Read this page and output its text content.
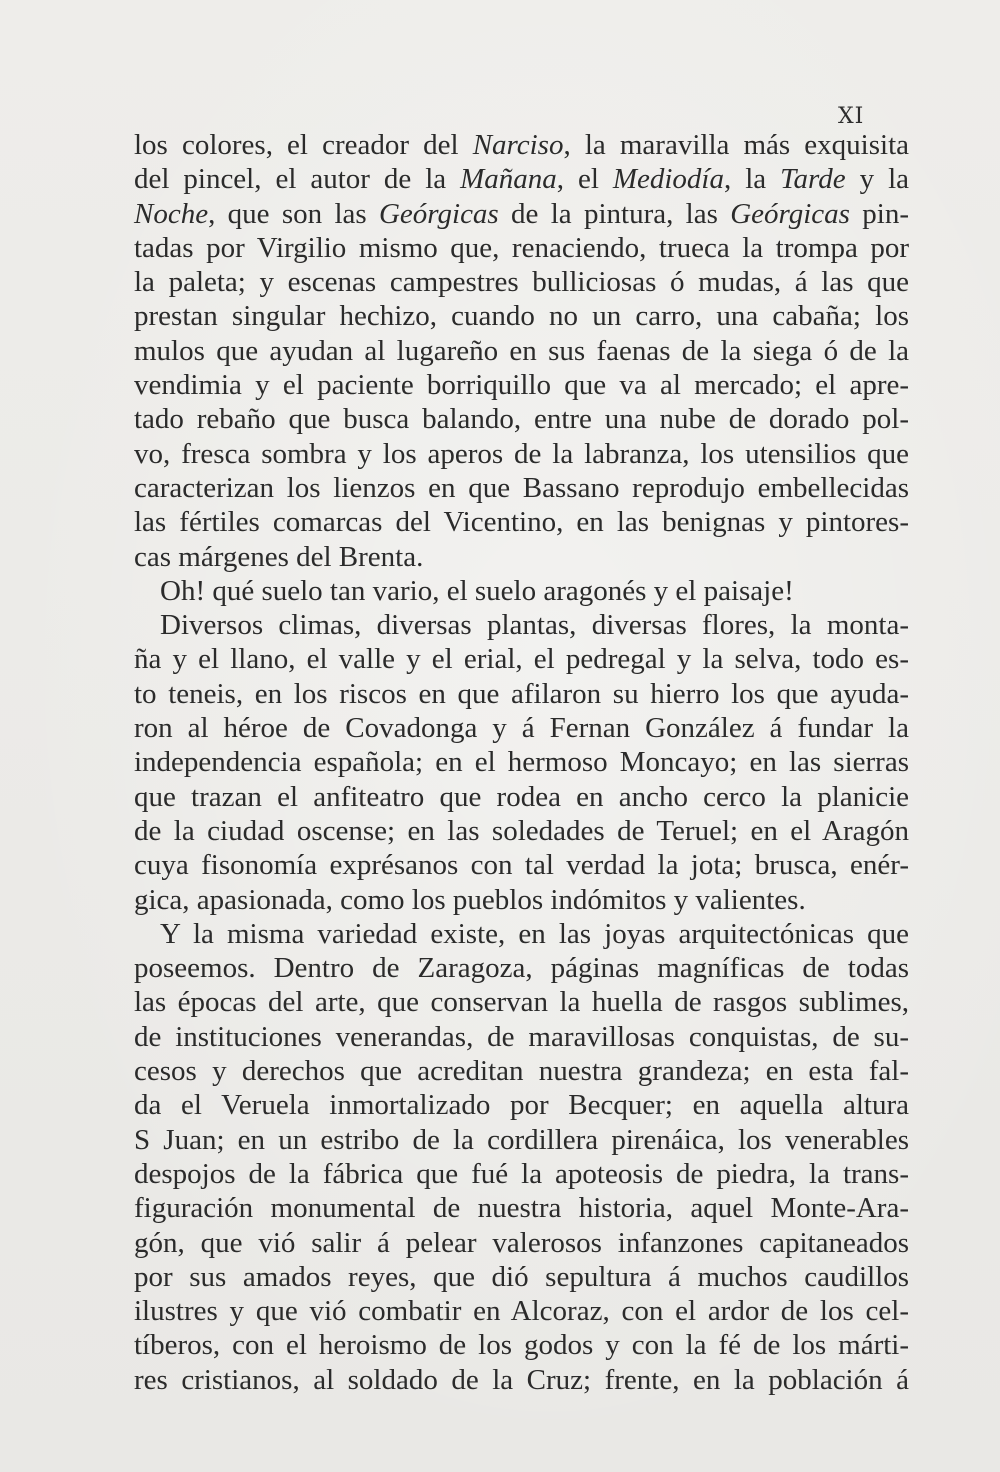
XI
los colores, el creador del Narciso, la maravilla más exquisita
del pincel, el autor de la Mañana, el Mediodía, la Tarde y la
Noche, que son las Geórgicas de la pintura, las Geórgicas pin-
tadas por Virgilio mismo que, renaciendo, trueca la trompa por
la paleta; y escenas campestres bulliciosas ó mudas, á las que
prestan singular hechizo, cuando no un carro, una cabaña; los
mulos que ayudan al lugareño en sus faenas de la siega ó de la
vendimia y el paciente borriquillo que va al mercado; el apre-
tado rebaño que busca balando, entre una nube de dorado pol-
vo, fresca sombra y los aperos de la labranza, los utensilios que
caracterizan los lienzos en que Bassano reprodujo embellecidas
las fértiles comarcas del Vicentino, en las benignas y pintores-
cas márgenes del Brenta.
Oh! qué suelo tan vario, el suelo aragonés y el paisaje!
Diversos climas, diversas plantas, diversas flores, la monta-
ña y el llano, el valle y el erial, el pedregal y la selva, todo es-
to teneis, en los riscos en que afilaron su hierro los que ayuda-
ron al héroe de Covadonga y á Fernan González á fundar la
independencia española; en el hermoso Moncayo; en las sierras
que trazan el anfiteatro que rodea en ancho cerco la planicie
de la ciudad oscense; en las soledades de Teruel; en el Aragón
cuya fisonomía exprésanos con tal verdad la jota; brusca, enér-
gica, apasionada, como los pueblos indómitos y valientes.
Y la misma variedad existe, en las joyas arquitectónicas que
poseemos. Dentro de Zaragoza, páginas magníficas de todas
las épocas del arte, que conservan la huella de rasgos sublimes,
de instituciones venerandas, de maravillosas conquistas, de su-
cesos y derechos que acreditan nuestra grandeza; en esta fal-
da el Veruela inmortalizado por Becquer; en aquella altura
S Juan; en un estribo de la cordillera pirenáica, los venerables
despojos de la fábrica que fué la apoteosis de piedra, la trans-
figuración monumental de nuestra historia, aquel Monte-Ara-
gón, que vió salir á pelear valerosos infanzones capitaneados
por sus amados reyes, que dió sepultura á muchos caudillos
ilustres y que vió combatir en Alcoraz, con el ardor de los cel-
tíberos, con el heroismo de los godos y con la fé de los márti-
res cristianos, al soldado de la Cruz; frente, en la población á
